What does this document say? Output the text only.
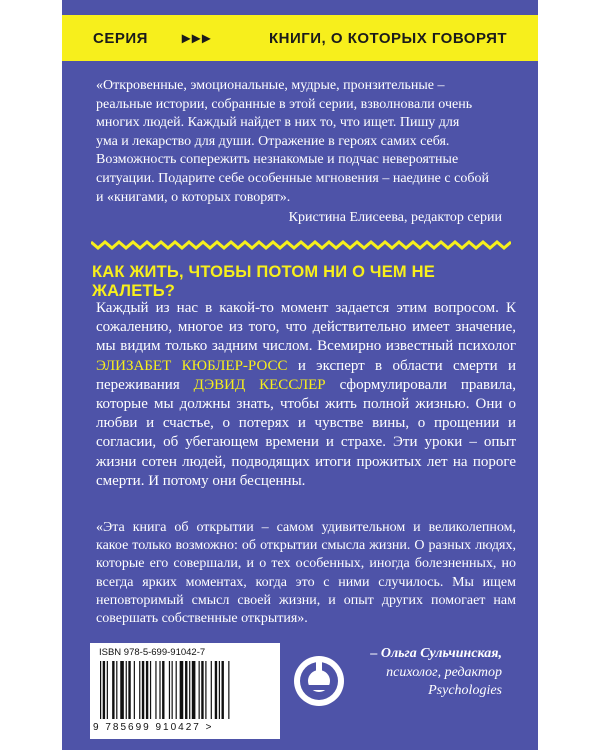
СЕРИЯ ▸▸▸	КНИГИ, О КОТОРЫХ ГОВОРЯТ
«Откровенные, эмоциональные, мудрые, пронзительные –
реальные истории, собранные в этой серии, взволновали очень
многих людей. Каждый найдет в них то, что ищет. Пишу для
ума и лекарство для души. Отражение в героях самих себя.
Возможность сопережить незнакомые и подчас невероятные
ситуации. Подарите себе особенные мгновения – наедине с собой
и «книгами, о которых говорят».
Кристина Елисеева, редактор серии
КАК ЖИТЬ, ЧТОБЫ ПОТОМ НИ О ЧЕМ НЕ ЖАЛЕТЬ?
Каждый из нас в какой-то момент задается этим вопросом. К сожалению, многое из того, что действительно имеет значение, мы видим только задним числом. Всемирно известный психолог ЭЛИЗАБЕТ КЮБЛЕР-РОСС и эксперт в области смерти и переживания ДЭВИД КЕССЛЕР сформулировали правила, которые мы должны знать, чтобы жить полной жизнью. Они о любви и счастье, о потерях и чувстве вины, о прощении и согласии, об убегающем времени и страхе. Эти уроки – опыт жизни сотен людей, подводящих итоги прожитых лет на пороге смерти. И потому они бесценны.
«Эта книга об открытии – самом удивительном и великолепном, какое только возможно: об открытии смысла жизни. О разных людях, которые его совершали, и о тех особенных, иногда болезненных, но всегда ярких моментах, когда это с ними случилось. Мы ищем неповторимый смысл своей жизни, и опыт других помогает нам совершать собственные открытия».
– Ольга Сульчинская,
психолог, редактор
Psychologies
ISBN 978-5-699-91042-7
9 785699 910427 >
